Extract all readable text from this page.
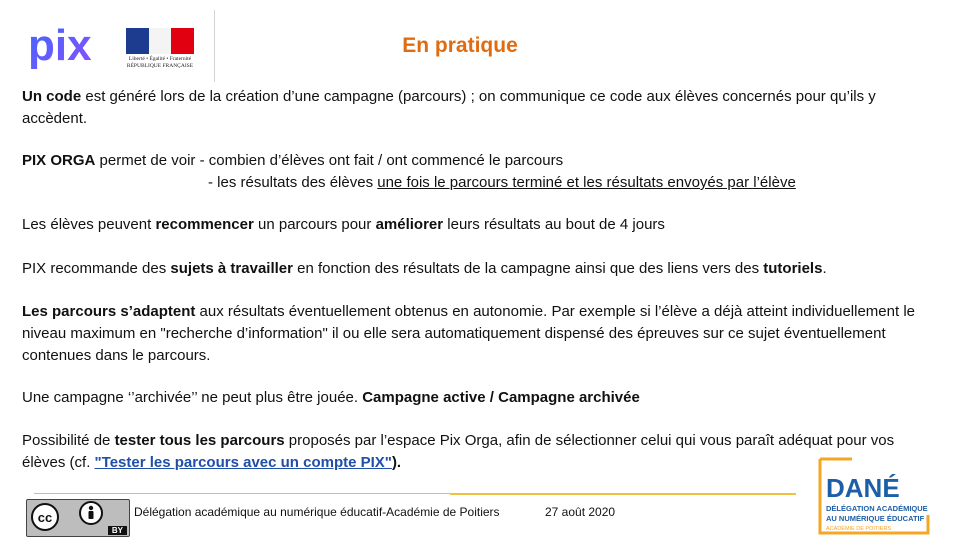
pix	Liberté • Égalité • Fraternité
RÉPUBLIQUE FRANÇAISE
En pratique
Un code est généré lors de la création d’une campagne (parcours) ; on communique ce code aux élèves concernés pour qu’ils y accèdent.
PIX ORGA permet de voir - combien d’élèves ont fait / ont commencé le parcours
- les résultats des élèves une fois le parcours terminé et les résultats envoyés par l’élève
Les élèves peuvent recommencer un parcours pour améliorer leurs résultats au bout de 4 jours
PIX recommande des sujets à travailler en fonction des résultats de la campagne ainsi que des liens vers des tutoriels.
Les parcours s’adaptent aux résultats éventuellement obtenus en autonomie. Par exemple si l’élève a déjà atteint individuellement le niveau maximum en "recherche d’information" il ou elle sera automatiquement dispensé des épreuves sur ce sujet éventuellement contenues dans le parcours.
Une campagne ‘’archivée’’ ne peut plus être jouée. Campagne active / Campagne archivée
Possibilité de tester tous les parcours proposés par l’espace Pix Orga, afin de sélectionner celui qui vous paraît adéquat pour vos élèves (cf. "Tester les parcours avec un compte PIX").
cc
BY
Délégation académique au numérique éducatif-Académie de Poitiers	27 août 2020
DANÉ
DÉLÉGATION ACADÉMIQUE
AU NUMÉRIQUE ÉDUCATIF
ACADÉMIE DE POITIERS
